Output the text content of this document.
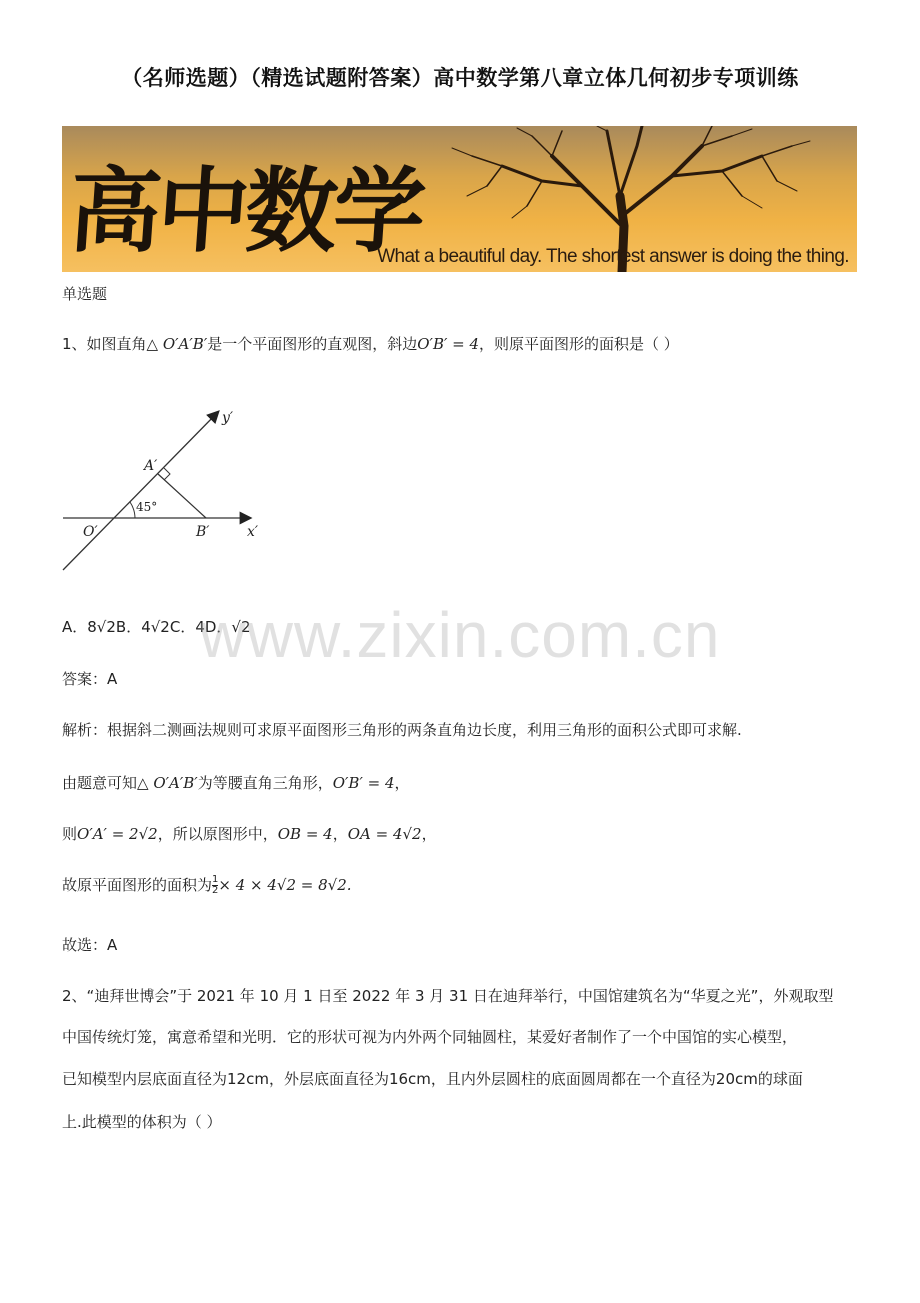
（名师选题）（精选试题附答案）高中数学第八章立体几何初步专项训练
高中数学
What a beautiful day. The shortest answer is doing the thing.
单选题
1、如图直角△ 𝑂′𝐴′𝐵′是一个平面图形的直观图，斜边𝑂′𝐵′ = 4，则原平面图形的面积是（ ）
y′
x′
A′
O′	B′
45°
A．8√2B．4√2C．4D．√2
www.zixin.com.cn
答案：A
解析：根据斜二测画法规则可求原平面图形三角形的两条直角边长度，利用三角形的面积公式即可求解.
由题意可知△ 𝑂′𝐴′𝐵′为等腰直角三角形，𝑂′𝐵′ = 4，
则𝑂′𝐴′ = 2√2，所以原图形中，𝑂𝐵 = 4，𝑂𝐴 = 4√2，
故原平面图形的面积为 $\frac{1}{2} \times 4 \times 4√2 = 8√2$.
故选：A
2、“迪拜世博会”于 2021 年 10 月 1 日至 2022 年 3 月 31 日在迪拜举行，中国馆建筑名为“华夏之光”，外观取型
中国传统灯笼，寓意希望和光明．它的形状可视为内外两个同轴圆柱，某爱好者制作了一个中国馆的实心模型，
已知模型内层底面直径为12cm，外层底面直径为16cm，且内外层圆柱的底面圆周都在一个直径为20cm的球面
上.此模型的体积为（ ）
